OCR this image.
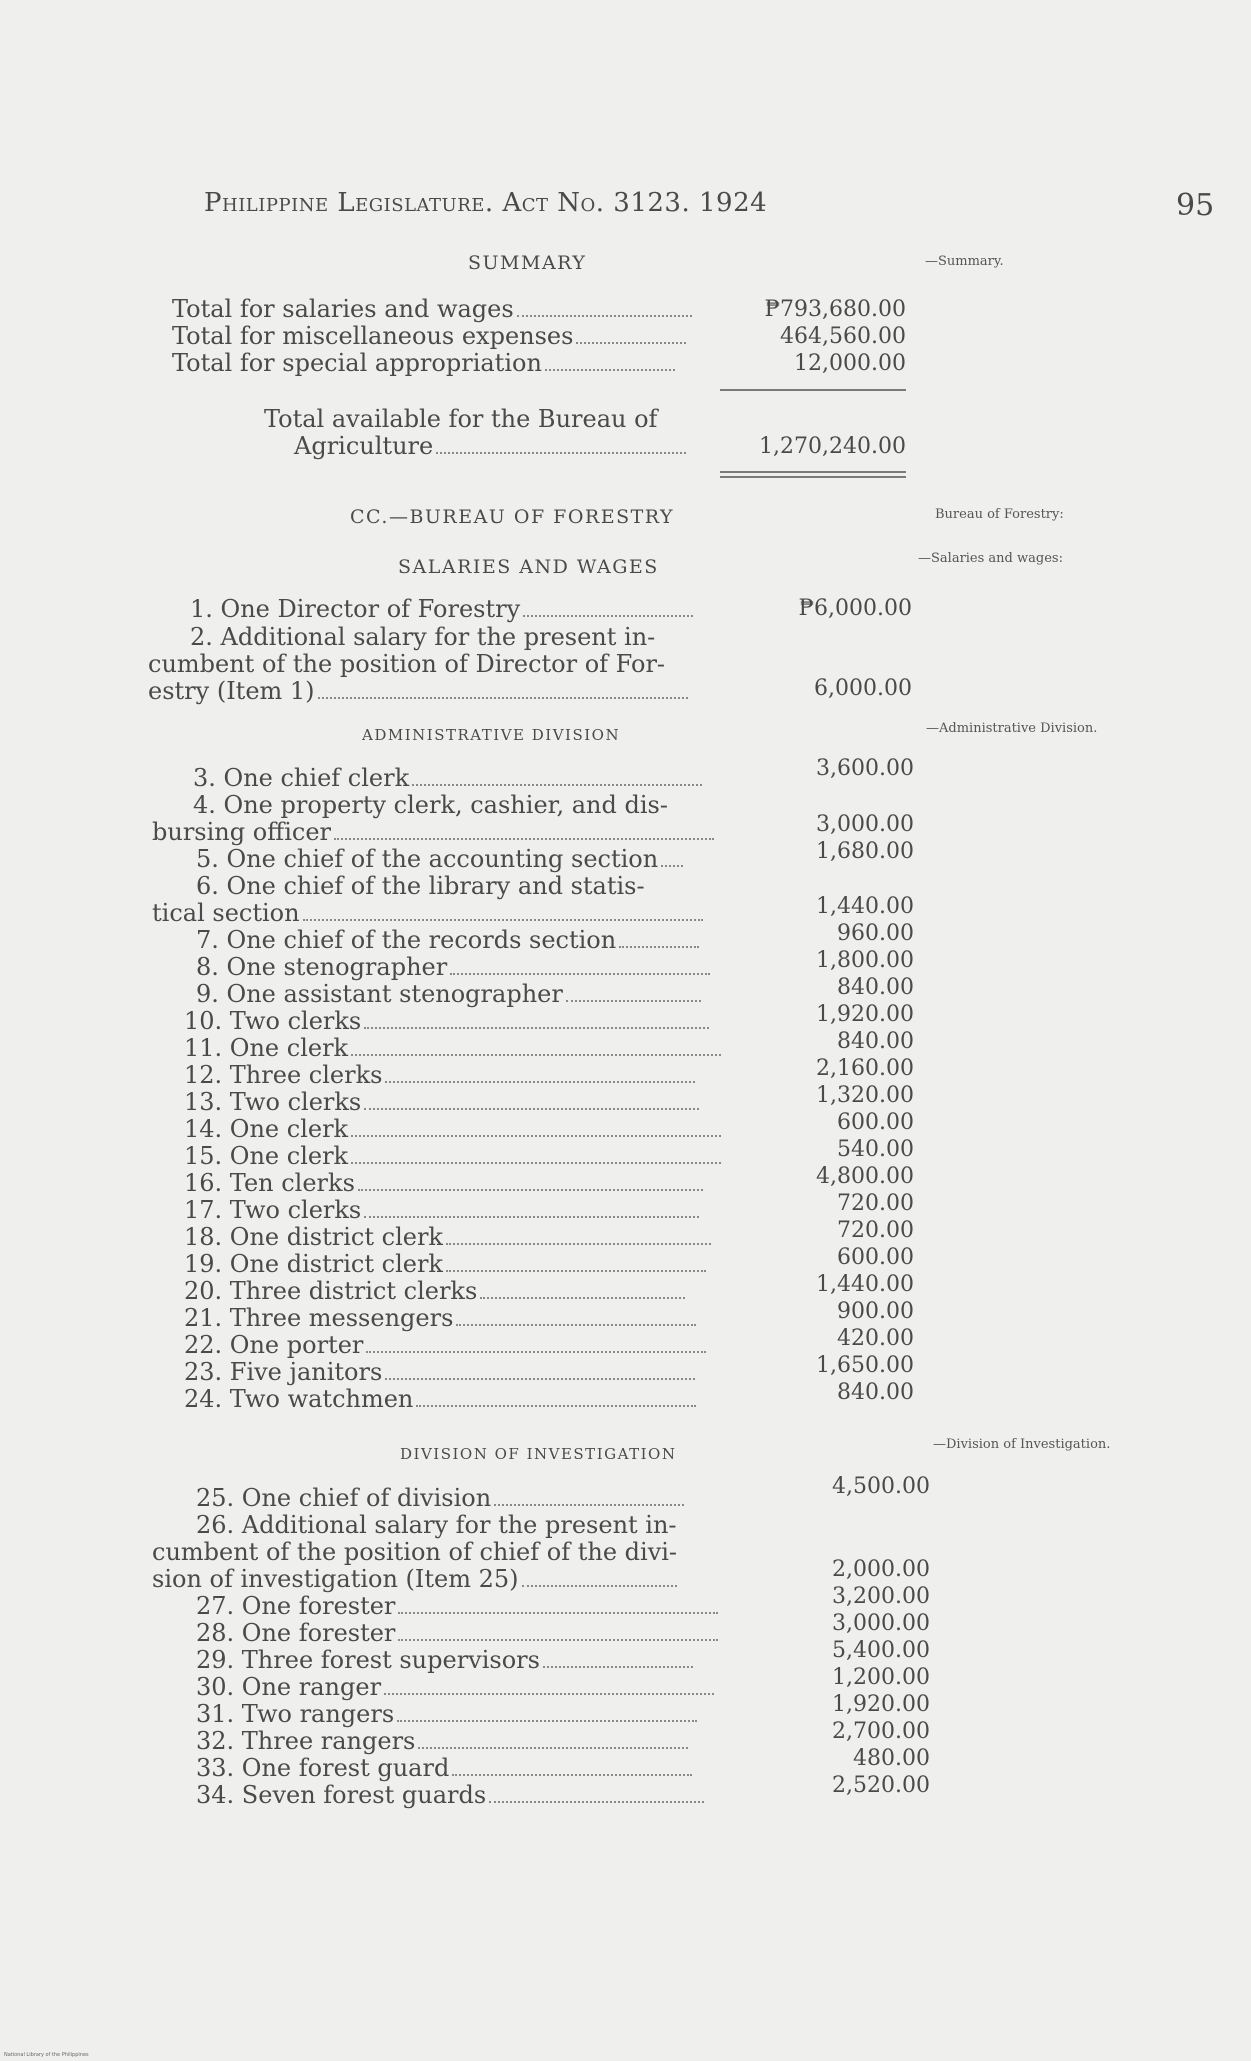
Philippine Legislature. Act No. 3123. 1924	95
SUMMARY	—Summary.
Total for salaries and wages	₱793,680.00
Total for miscellaneous expenses	464,560.00
Total for special appropriation	12,000.00
Total available for the Bureau of
Agriculture	1,270,240.00
CC.—BUREAU OF FORESTRY	Bureau of Forestry:
SALARIES AND WAGES	—Salaries and wages:
1. One Director of Forestry	₱6,000.00
2. Additional salary for the present in-
cumbent of the position of Director of For-
estry (Item 1)	6,000.00
ADMINISTRATIVE DIVISION	—Administrative Division.
3. One chief clerk	3,600.00
4. One property clerk, cashier, and dis-
bursing officer	3,000.00
5. One chief of the accounting section	1,680.00
6. One chief of the library and statis-
tical section	1,440.00
7. One chief of the records section	960.00
8. One stenographer	1,800.00
9. One assistant stenographer	840.00
10. Two clerks	1,920.00
11. One clerk	840.00
12. Three clerks	2,160.00
13. Two clerks	1,320.00
14. One clerk	600.00
15. One clerk	540.00
16. Ten clerks	4,800.00
17. Two clerks	720.00
18. One district clerk	720.00
19. One district clerk	600.00
20. Three district clerks	1,440.00
21. Three messengers	900.00
22. One porter	420.00
23. Five janitors	1,650.00
24. Two watchmen	840.00
DIVISION OF INVESTIGATION
—Division of Investigation.
25. One chief of division	4,500.00
26. Additional salary for the present in-
cumbent of the position of chief of the divi-
sion of investigation (Item 25)	2,000.00
27. One forester	3,200.00
28. One forester	3,000.00
29. Three forest supervisors	5,400.00
30. One ranger	1,200.00
31. Two rangers	1,920.00
32. Three rangers	2,700.00
33. One forest guard	480.00
34. Seven forest guards	2,520.00
National Library of the Philippines
